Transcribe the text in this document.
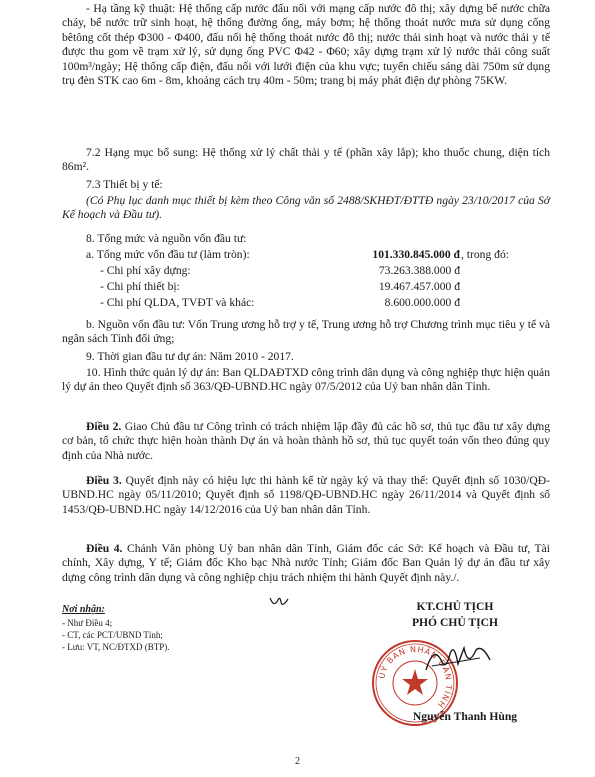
- Hạ tầng kỹ thuật: Hệ thống cấp nước đấu nối với mạng cấp nước đô thị; xây dựng bể nước chữa cháy, bể nước trữ sinh hoạt, hệ thống đường ống, máy bơm; hệ thống thoát nước mưa sử dụng cống bêtông cốt thép Φ300 - Φ400, đấu nối hệ thống thoát nước đô thị; nước thải sinh hoạt và nước thải y tế được thu gom về trạm xử lý, sử dụng ống PVC Φ42 - Φ60; xây dựng trạm xử lý nước thải công suất 100m³/ngày; Hệ thống cấp điện, đấu nối với lưới điện của khu vực; tuyến chiếu sáng dài 750m sử dụng trụ đèn STK cao 6m - 8m, khoảng cách trụ 40m - 50m; trang bị máy phát điện dự phòng 75KW.

7.2 Hạng mục bổ sung: Hệ thống xử lý chất thải y tế (phần xây lắp); kho thuốc chung, diện tích 86m².

7.3 Thiết bị y tế:

(Có Phụ lục danh mục thiết bị kèm theo Công văn số 2488/SKHĐT/ĐTTĐ ngày 23/10/2017 của Sở Kế hoạch và Đầu tư).

8. Tổng mức và nguồn vốn đầu tư:

a. Tổng mức vốn đầu tư (làm tròn):	101.330.845.000 đ , trong đó:
- Chi phí xây dựng:	73.263.388.000 đ
- Chi phí thiết bị:	19.467.457.000 đ
- Chi phí QLDA, TVĐT và khác:	8.600.000.000 đ

b. Nguồn vốn đầu tư: Vốn Trung ương hỗ trợ y tế, Trung ương hỗ trợ Chương trình mục tiêu y tế và ngân sách Tỉnh đối ứng;

9. Thời gian đầu tư dự án: Năm 2010 - 2017.

10. Hình thức quản lý dự án: Ban QLDAĐTXD công trình dân dụng và công nghiệp thực hiện quản lý dự án theo Quyết định số 363/QĐ-UBND.HC ngày 07/5/2012 của Uỷ ban nhân dân Tỉnh.

Điều 2. Giao Chủ đầu tư Công trình có trách nhiệm lập đầy đủ các hồ sơ, thủ tục đầu tư xây dựng cơ bản, tổ chức thực hiện hoàn thành Dự án và hoàn thành hồ sơ, thủ tục quyết toán vốn theo đúng quy định của Nhà nước.

Điều 3. Quyết định này có hiệu lực thi hành kể từ ngày ký và thay thế: Quyết định số 1030/QĐ-UBND.HC ngày 05/11/2010; Quyết định số 1198/QĐ-UBND.HC ngày 26/11/2014 và Quyết định số 1453/QĐ-UBND.HC ngày 14/12/2016 của Uỷ ban nhân dân Tỉnh.

Điều 4. Chánh Văn phòng Uỷ ban nhân dân Tỉnh, Giám đốc các Sở: Kế hoạch và Đầu tư, Tài chính, Xây dựng, Y tế; Giám đốc Kho bạc Nhà nước Tỉnh; Giám đốc Ban Quản lý dự án đầu tư xây dựng công trình dân dụng và công nghiệp chịu trách nhiệm thi hành Quyết định này./.

Nơi nhận:
- Như Điều 4;
- CT, các PCT/UBND Tỉnh;
- Lưu: VT, NC/ĐTXD (BTP).
KT.CHỦ TỊCH
PHÓ CHỦ TỊCH
UỶ BAN NHÂN DÂN TỈNH
Nguyễn Thanh Hùng
2
